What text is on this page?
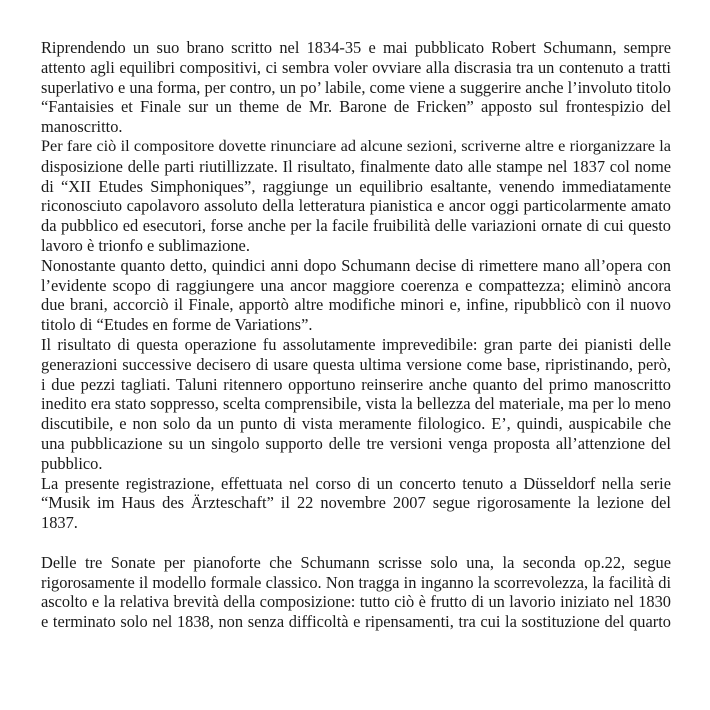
Riprendendo un suo brano scritto nel 1834-35 e mai pubblicato Robert Schumann, sempre
attento agli equilibri compositivi, ci sembra voler ovviare alla discrasia tra un contenuto a tratti
superlativo e una forma, per contro, un po’ labile, come viene a suggerire anche l’involuto titolo
“Fantaisies et Finale sur un theme de Mr. Barone de Fricken” apposto sul frontespizio del
manoscritto.
Per fare ciò il compositore dovette rinunciare ad alcune sezioni, scriverne altre e riorganizzare la
disposizione delle parti riutillizzate. Il risultato, finalmente dato alle stampe nel 1837 col nome
di “XII Etudes Simphoniques”, raggiunge un equilibrio esaltante, venendo immediatamente
riconosciuto capolavoro assoluto della letteratura pianistica e ancor oggi particolarmente amato
da pubblico ed esecutori, forse anche per la facile fruibilità delle variazioni ornate di cui questo
lavoro è trionfo e sublimazione.
Nonostante quanto detto, quindici anni dopo Schumann decise di rimettere mano all’opera con
l’evidente scopo di raggiungere una ancor maggiore coerenza e compattezza; eliminò ancora
due brani, accorciò il Finale, apportò altre modifiche minori e, infine, ripubblicò con il nuovo
titolo di “Etudes en forme de Variations”.
Il risultato di questa operazione fu assolutamente imprevedibile: gran parte dei pianisti delle
generazioni successive decisero di usare questa ultima versione come base, ripristinando, però,
i due pezzi tagliati. Taluni ritennero opportuno reinserire anche quanto del primo manoscritto
inedito era stato soppresso, scelta comprensibile, vista la bellezza del materiale, ma per lo meno
discutibile, e non solo da un punto di vista meramente filologico. E’, quindi, auspicabile che
una pubblicazione su un singolo supporto delle tre versioni venga proposta all’attenzione del
pubblico.
La presente registrazione, effettuata nel corso di un concerto tenuto a Düsseldorf nella serie
“Musik im Haus des Ärzteschaft” il 22 novembre 2007 segue rigorosamente la lezione del
1837.
Delle tre Sonate per pianoforte che Schumann scrisse solo una, la seconda op.22, segue
rigorosamente il modello formale classico. Non tragga in inganno la scorrevolezza, la facilità di
ascolto e la relativa brevità della composizione: tutto ciò è frutto di un lavorio iniziato nel 1830
e terminato solo nel 1838, non senza difficoltà e ripensamenti, tra cui la sostituzione del quarto
